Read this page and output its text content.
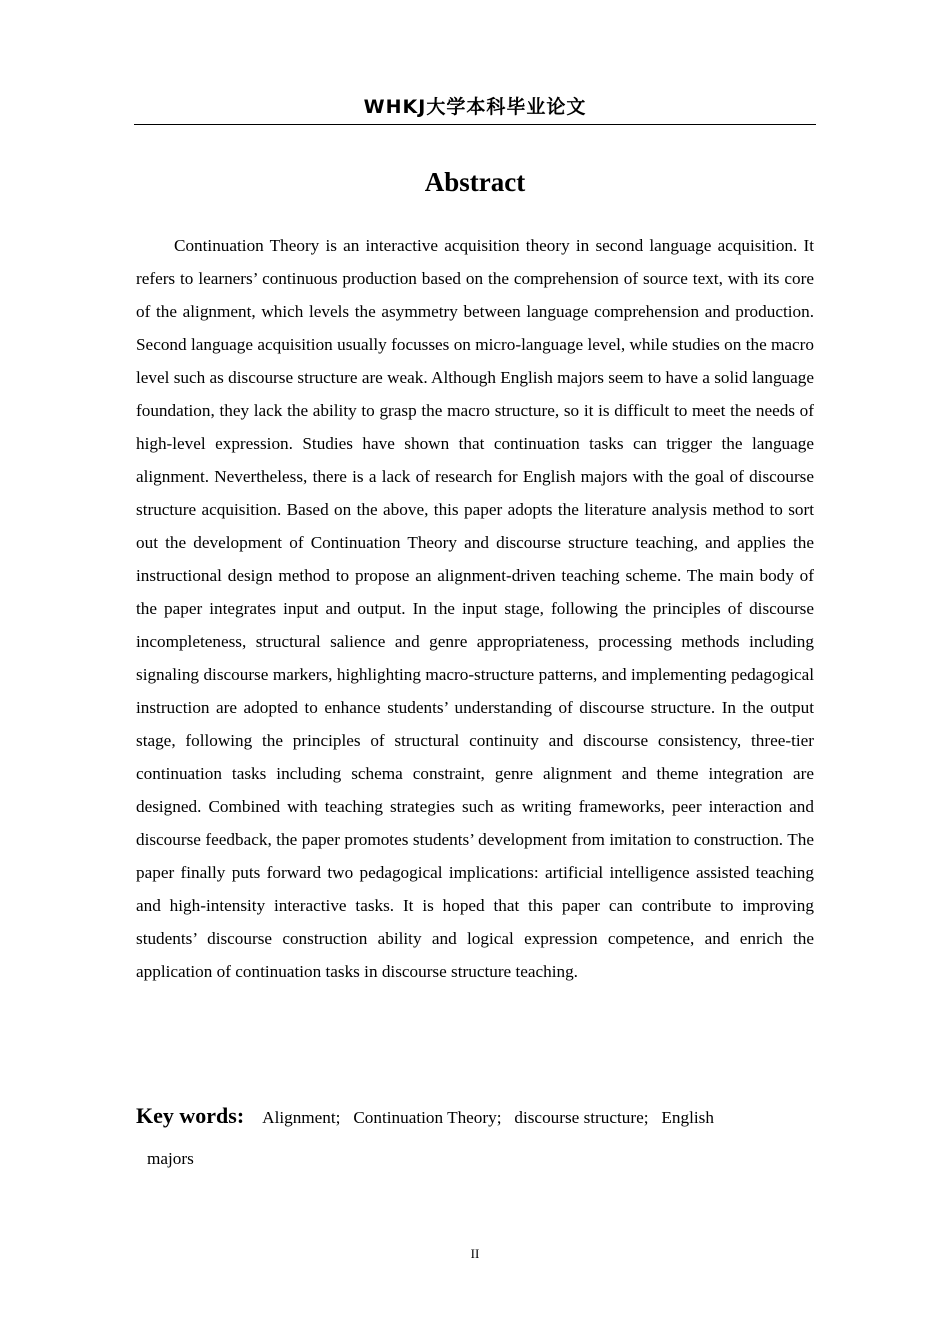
WHKJ大学本科毕业论文
Abstract

Continuation Theory is an interactive acquisition theory in second language acquisition. It refers to learners’ continuous production based on the comprehension of source text, with its core of the alignment, which levels the asymmetry between language comprehension and production. Second language acquisition usually focusses on micro-language level, while studies on the macro level such as discourse structure are weak. Although English majors seem to have a solid language foundation, they lack the ability to grasp the macro structure, so it is difficult to meet the needs of high-level expression. Studies have shown that continuation tasks can trigger the language alignment. Nevertheless, there is a lack of research for English majors with the goal of discourse structure acquisition. Based on the above, this paper adopts the literature analysis method to sort out the development of Continuation Theory and discourse structure teaching, and applies the instructional design method to propose an alignment-driven teaching scheme. The main body of the paper integrates input and output. In the input stage, following the principles of discourse incompleteness, structural salience and genre appropriateness, processing methods including signaling discourse markers, highlighting macro-structure patterns, and implementing pedagogical instruction are adopted to enhance students’ understanding of discourse structure. In the output stage, following the principles of structural continuity and discourse consistency, three-tier continuation tasks including schema constraint, genre alignment and theme integration are designed. Combined with teaching strategies such as writing frameworks, peer interaction and discourse feedback, the paper promotes students’ development from imitation to construction. The paper finally puts forward two pedagogical implications: artificial intelligence assisted teaching and high-intensity interactive tasks. It is hoped that this paper can contribute to improving students’ discourse construction ability and logical expression competence, and enrich the application of continuation tasks in discourse structure teaching.

Key words: Alignment;   Continuation Theory;   discourse structure;   English

majors
II
